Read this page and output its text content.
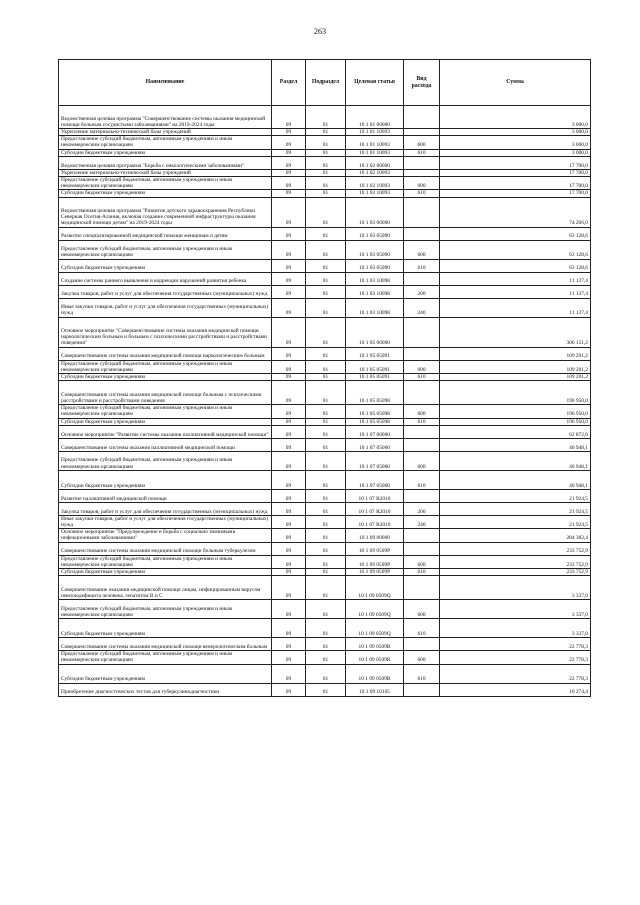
263
Наименование	Раздел	Подраздел	Целевая статья	Вид расхода	Сумма
Ведомственная целевая программа "Совершенствование системы оказания медицинской помощи больным сосудистыми заболеваниями" на 2019-2024 годы	09	01	10 1 01 00000		3 000,0
Укрепление материально-технической базы учреждений	09	01	10 1 01 10093		3 000,0
Предоставление субсидий бюджетным, автономным учреждениям и иным некоммерческим организациям	09	01	10 1 01 10093	600	3 000,0
Субсидии бюджетным учреждениям	09	01	10 1 01 10093	610	3 000,0
Ведомственная целевая программа "Борьба с онкологическими заболеваниями"	09	01	10 1 02 00000		17 700,0
Укрепление материально-технической базы учреждений	09	01	10 1 02 10093		17 700,0
Предоставление субсидий бюджетным, автономным учреждениям и иным некоммерческим организациям	09	01	10 1 02 10093	600	17 700,0
Субсидии бюджетным учреждениям	09	01	10 1 02 10093	610	17 700,0
Ведомственная целевая программа "Развитие детского здравоохранения Республики Северная Осетия-Алания, включая создание современной инфраструктуры оказания медицинской помощи детям" на 2019-2024 годы	09	01	10 1 03 00000		74 266,0
Развитие специализированной медицинской помощи женщинам и детям	09	01	10 1 03 05090		63 128,6
Предоставление субсидий бюджетным, автономным учреждениям и иным некоммерческим организациям	09	01	10 1 03 05090	600	63 128,6
Субсидии бюджетным учреждениям	09	01	10 1 03 05090	610	63 128,6
Создание системы раннего выявления и коррекции нарушений развития ребенка	09	01	10 1 03 10098		11 137,4
Закупка товаров, работ и услуг для обеспечения государственных (муниципальных) нужд	09	01	10 1 03 10098	200	11 137,4
Иные закупки товаров, работ и услуг для обеспечения государственных (муниципальных) нужд	09	01	10 1 03 10098	240	11 137,4
Основное мероприятие "Совершенствование системы оказания медицинской помощи наркологическим больным и больным с психическими расстройствами и расстройствами поведения"	09	01	10 1 05 00000		306 151,2
Совершенствование системы оказания медицинской помощи наркологическим больным	09	01	10 1 05 05091		109 201,2
Предоставление субсидий бюджетным, автономным учреждениям и иным некоммерческим организациям	09	01	10 1 05 05091	600	109 201,2
Субсидии бюджетным учреждениям	09	01	10 1 05 05091	610	109 201,2
Совершенствование системы оказания медицинской помощи больным с психическими расстройствами и расстройствами поведения	09	01	10 1 05 05098		196 950,0
Предоставление субсидий бюджетным, автономным учреждениям и иным некоммерческим организациям	09	01	10 1 05 05098	600	196 950,0
Субсидии бюджетным учреждениям	09	01	10 1 05 05098	610	196 950,0
Основное мероприятие "Развитие системы оказания паллиативной медицинской помощи"	09	01	10 1 07 00000		62 872,6
Совершенствование системы оказания паллиативной медицинской помощи	09	01	10 1 07 05060		40 948,1
Предоставление субсидий бюджетным, автономным учреждениям и иным некоммерческим организациям	09	01	10 1 07 05060	600	40 948,1
Субсидии бюджетным учреждениям	09	01	10 1 07 05060	610	40 948,1
Развитие паллиативной медицинской помощи	09	01	10 1 07 R2010		21 924,5
Закупка товаров, работ и услуг для обеспечения государственных (муниципальных) нужд	09	01	10 1 07 R2010	200	21 924,5
Иные закупки товаров, работ и услуг для обеспечения государственных (муниципальных) нужд	09	01	10 1 07 R2010	240	21 924,5
Основное мероприятие "Предупреждение и борьба с социально значимыми инфекционными заболеваниями"	09	01	10 1 09 00000		284 382,4
Совершенствование системы оказания медицинской помощи больным туберкулезом	09	01	10 1 09 0509P		233 752,9
Предоставление субсидий бюджетным, автономным учреждениям и иным некоммерческим организациям	09	01	10 1 09 0509P	600	233 752,9
Субсидии бюджетным учреждениям	09	01	10 1 09 0509P	610	233 752,9
Совершенствование оказания медицинской помощи лицам, инфицированным вирусом иммунодефицита человека, гепатитом B и C	09	01	10 1 09 0509Q		3 337,0
Предоставление субсидий бюджетным, автономным учреждениям и иным некоммерческим организациям	09	01	10 1 09 0509Q	600	3 337,0
Субсидии бюджетным учреждениям	09	01	10 1 09 0509Q	610	3 337,0
Совершенствование системы оказания медицинской помощи венерологическим больным	09	01	10 1 09 0509R		22 778,3
Предоставление субсидий бюджетным, автономным учреждениям и иным некоммерческим организациям	09	01	10 1 09 0509R	600	22 778,3
Субсидии бюджетным учреждениям	09	01	10 1 09 0509R	610	22 778,3
Приобретение диагностических тестов для туберкулинодиагностики	09	01	10 1 09 10105		16 274,4
